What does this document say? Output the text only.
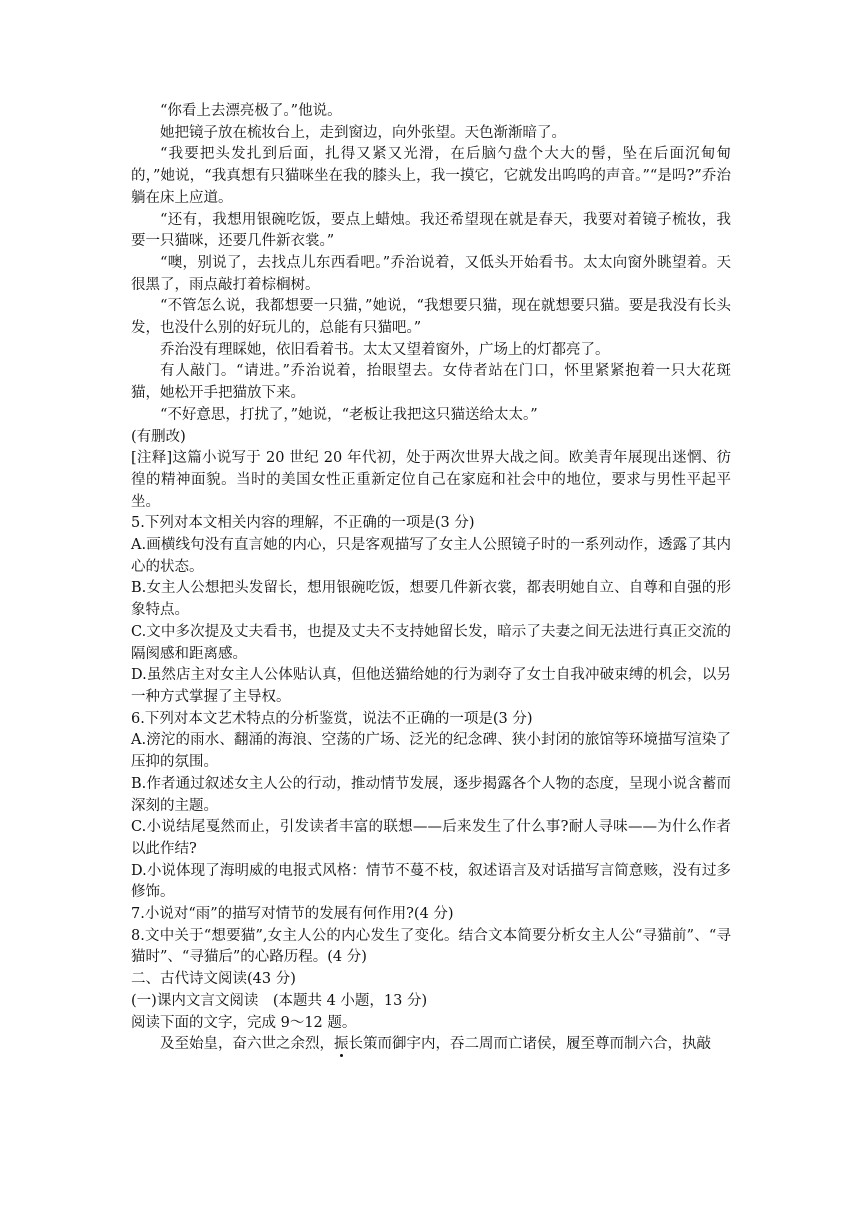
“你看上去漂亮极了。”他说。

她把镜子放在梳妆台上，走到窗边，向外张望。天色渐渐暗了。

“我要把头发扎到后面，扎得又紧又光滑，在后脑勺盘个大大的髻，坠在后面沉甸甸的，”她说，“我真想有只猫咪坐在我的膝头上，我一摸它，它就发出呜呜的声音。”“是吗?”乔治躺在床上应道。

“还有，我想用银碗吃饭，要点上蜡烛。我还希望现在就是春天，我要对着镜子梳妆，我要一只猫咪，还要几件新衣裳。”

“噢，别说了，去找点儿东西看吧。”乔治说着，又低头开始看书。太太向窗外眺望着。天很黑了，雨点敲打着棕榈树。

“不管怎么说，我都想要一只猫，”她说，“我想要只猫，现在就想要只猫。要是我没有长头发，也没什么别的好玩儿的，总能有只猫吧。”

乔治没有理睬她，依旧看着书。太太又望着窗外，广场上的灯都亮了。

有人敲门。“请进。”乔治说着，抬眼望去。女侍者站在门口，怀里紧紧抱着一只大花斑猫，她松开手把猫放下来。

“不好意思，打扰了，”她说，“老板让我把这只猫送给太太。”

(有删改)

[注释]这篇小说写于 20 世纪 20 年代初，处于两次世界大战之间。欧美青年展现出迷惘、彷徨的精神面貌。当时的美国女性正重新定位自己在家庭和社会中的地位，要求与男性平起平坐。

5.下列对本文相关内容的理解，不正确的一项是(3 分)

A.画横线句没有直言她的内心，只是客观描写了女主人公照镜子时的一系列动作，透露了其内心的状态。

B.女主人公想把头发留长，想用银碗吃饭，想要几件新衣裳，都表明她自立、自尊和自强的形象特点。

C.文中多次提及丈夫看书，也提及丈夫不支持她留长发，暗示了夫妻之间无法进行真正交流的隔阂感和距离感。

D.虽然店主对女主人公体贴认真，但他送猫给她的行为剥夺了女士自我冲破束缚的机会，以另一种方式掌握了主导权。

6.下列对本文艺术特点的分析鉴赏，说法不正确的一项是(3 分)

A.滂沱的雨水、翻涌的海浪、空荡的广场、泛光的纪念碑、狭小封闭的旅馆等环境描写渲染了压抑的氛围。

B.作者通过叙述女主人公的行动，推动情节发展，逐步揭露各个人物的态度，呈现小说含蓄而深刻的主题。

C.小说结尾戛然而止，引发读者丰富的联想——后来发生了什么事?耐人寻味——为什么作者以此作结?

D.小说体现了海明威的电报式风格：情节不蔓不枝，叙述语言及对话描写言简意赅，没有过多修饰。

7.小说对“雨”的描写对情节的发展有何作用?(4 分)

8.文中关于“想要猫”,女主人公的内心发生了变化。结合文本简要分析女主人公“寻猫前”、“寻猫时”、“寻猫后”的心路历程。(4 分)

二、古代诗文阅读(43 分)

(一)课内文言文阅读　(本题共 4 小题，13 分)

阅读下面的文字，完成 9～12 题。

及至始皇，奋六世之余烈，振长策而御宇内，吞二周而亡诸侯，履至尊而制六合，执敲
